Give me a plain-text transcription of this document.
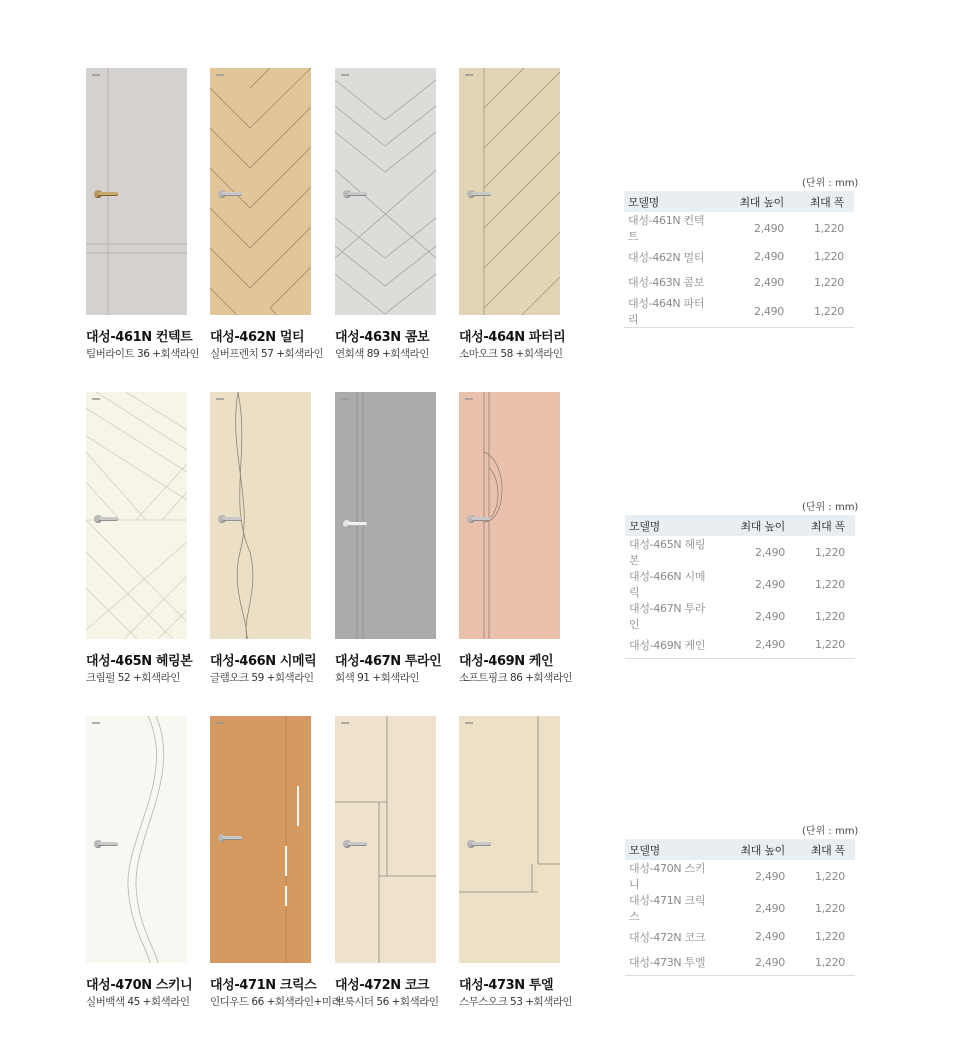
대성-461N 컨텍트
팀버라이트 36 +회색라인
대성-462N 멀티
실버프렌치 57 +회색라인
대성-463N 콤보
연회색 89 +회색라인
대성-464N 파터리
소마오크 58 +회색라인
(단위 : mm)
모델명	최대 높이	최대 폭
대성-461N 컨텍트	2,490	1,220
대성-462N 멀티	2,490	1,220
대성-463N 콤보	2,490	1,220
대성-464N 파터리	2,490	1,220
대성-465N 헤링본
크림펄 52 +회색라인
대성-466N 시메릭
글램오크 59 +회색라인
대성-467N 투라인
회색 91 +회색라인
대성-469N 케인
소프트핑크 86 +회색라인
(단위 : mm)
모델명	최대 높이	최대 폭
대성-465N 헤링본	2,490	1,220
대성-466N 시메릭	2,490	1,220
대성-467N 투라인	2,490	1,220
대성-469N 케인	2,490	1,220
대성-470N 스키니
실버백색 45 +회색라인
대성-471N 크릭스
인디우드 66 +회색라인+미러
대성-472N 코크
브룩시더 56 +회색라인
대성-473N 투엘
스무스오크 53 +회색라인
(단위 : mm)
모델명	최대 높이	최대 폭
대성-470N 스키니	2,490	1,220
대성-471N 크릭스	2,490	1,220
대성-472N 코크	2,490	1,220
대성-473N 투엘	2,490	1,220
